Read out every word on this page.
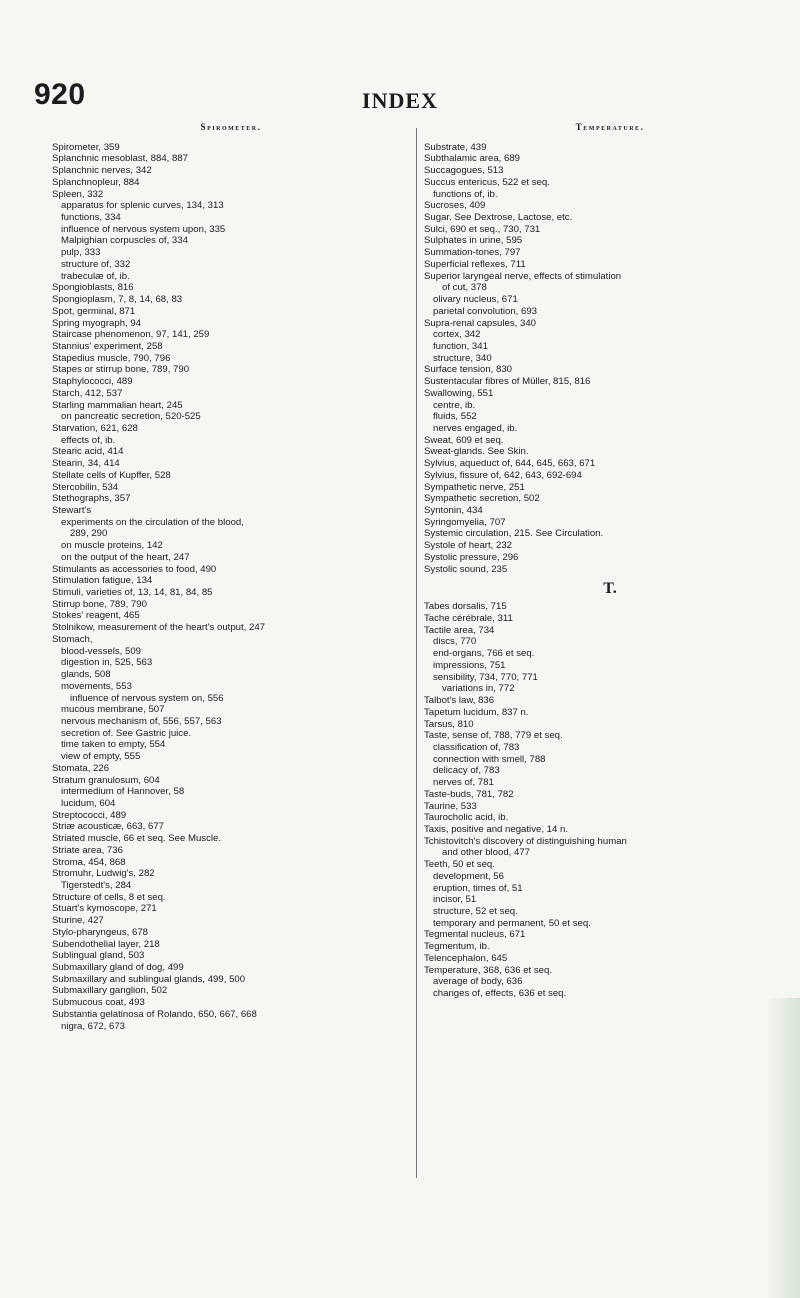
920	INDEX
Spirometer.
Spirometer, 359
Splanchnic mesoblast, 884, 887
Splanchnic nerves, 342
Splanchnopleur, 884
Spleen, 332
apparatus for splenic curves, 134, 313
functions, 334
influence of nervous system upon, 335
Malpighian corpuscles of, 334
pulp, 333
structure of, 332
trabeculæ of, ib.
Spongioblasts, 816
Spongioplasm, 7, 8, 14, 68, 83
Spot, germinal, 871
Spring myograph, 94
Staircase phenomenon, 97, 141, 259
Stannius' experiment, 258
Stapedius muscle, 790, 796
Stapes or stirrup bone, 789, 790
Staphylococci, 489
Starch, 412, 537
Starling mammalian heart, 245
on pancreatic secretion, 520-525
Starvation, 621, 628
effects of, ib.
Stearic acid, 414
Stearin, 34, 414
Stellate cells of Kupffer, 528
Stercobilin, 534
Stethographs, 357
Stewart's
experiments on the circulation of the blood,
289, 290
on muscle proteins, 142
on the output of the heart, 247
Stimulants as accessories to food, 490
Stimulation fatigue, 134
Stimuli, varieties of, 13, 14, 81, 84, 85
Stirrup bone, 789, 790
Stokes' reagent, 465
Stolnikow, measurement of the heart's output, 247
Stomach,
blood-vessels, 509
digestion in, 525, 563
glands, 508
movements, 553
influence of nervous system on, 556
mucous membrane, 507
nervous mechanism of, 556, 557, 563
secretion of. See Gastric juice.
time taken to empty, 554
view of empty, 555
Stomata, 226
Stratum granulosum, 604
intermedium of Hannover, 58
lucidum, 604
Streptococci, 489
Striæ acousticæ, 663, 677
Striated muscle, 66 et seq. See Muscle.
Striate area, 736
Stroma, 454, 868
Stromuhr, Ludwig's, 282
Tigerstedt's, 284
Structure of cells, 8 et seq.
Stuart's kymoscope, 271
Sturine, 427
Stylo-pharyngeus, 678
Subendothelial layer, 218
Sublingual gland, 503
Submaxillary gland of dog, 499
Submaxillary and sublingual glands, 499, 500
Submaxillary ganglion, 502
Submucous coat, 493
Substantia gelatinosa of Rolando, 650, 667, 668
nigra, 672, 673
Temperature.
Substrate, 439
Subthalamic area, 689
Succagogues, 513
Succus entericus, 522 et seq.
functions of, ib.
Sucroses, 409
Sugar. See Dextrose, Lactose, etc.
Sulci, 690 et seq., 730, 731
Sulphates in urine, 595
Summation-tones, 797
Superficial reflexes, 711
Superior laryngeal nerve, effects of stimulation
of cut, 378
olivary nucleus, 671
parietal convolution, 693
Supra-renal capsules, 340
cortex, 342
function, 341
structure, 340
Surface tension, 830
Sustentacular fibres of Müller, 815, 816
Swallowing, 551
centre, ib.
fluids, 552
nerves engaged, ib.
Sweat, 609 et seq.
Sweat-glands. See Skin.
Sylvius, aqueduct of, 644, 645, 663, 671
Sylvius, fissure of, 642, 643, 692-694
Sympathetic nerve, 251
Sympathetic secretion, 502
Syntonin, 434
Syringomyelia, 707
Systemic circulation, 215. See Circulation.
Systole of heart, 232
Systolic pressure, 296
Systolic sound, 235
T.
Tabes dorsalis, 715
Tache cérébrale, 311
Tactile area, 734
discs, 770
end-organs, 766 et seq.
impressions, 751
sensibility, 734, 770, 771
variations in, 772
Talbot's law, 836
Tapetum lucidum, 837 n.
Tarsus, 810
Taste, sense of, 788, 779 et seq.
classification of, 783
connection with smell, 788
delicacy of, 783
nerves of, 781
Taste-buds, 781, 782
Taurine, 533
Taurocholic acid, ib.
Taxis, positive and negative, 14 n.
Tchistovitch's discovery of distinguishing human
and other blood, 477
Teeth, 50 et seq.
development, 56
eruption, times of, 51
incisor, 51
structure, 52 et seq.
temporary and permanent, 50 et seq.
Tegmental nucleus, 671
Tegmentum, ib.
Telencephalon, 645
Temperature, 368, 636 et seq.
average of body, 636
changes of, effects, 636 et seq.
